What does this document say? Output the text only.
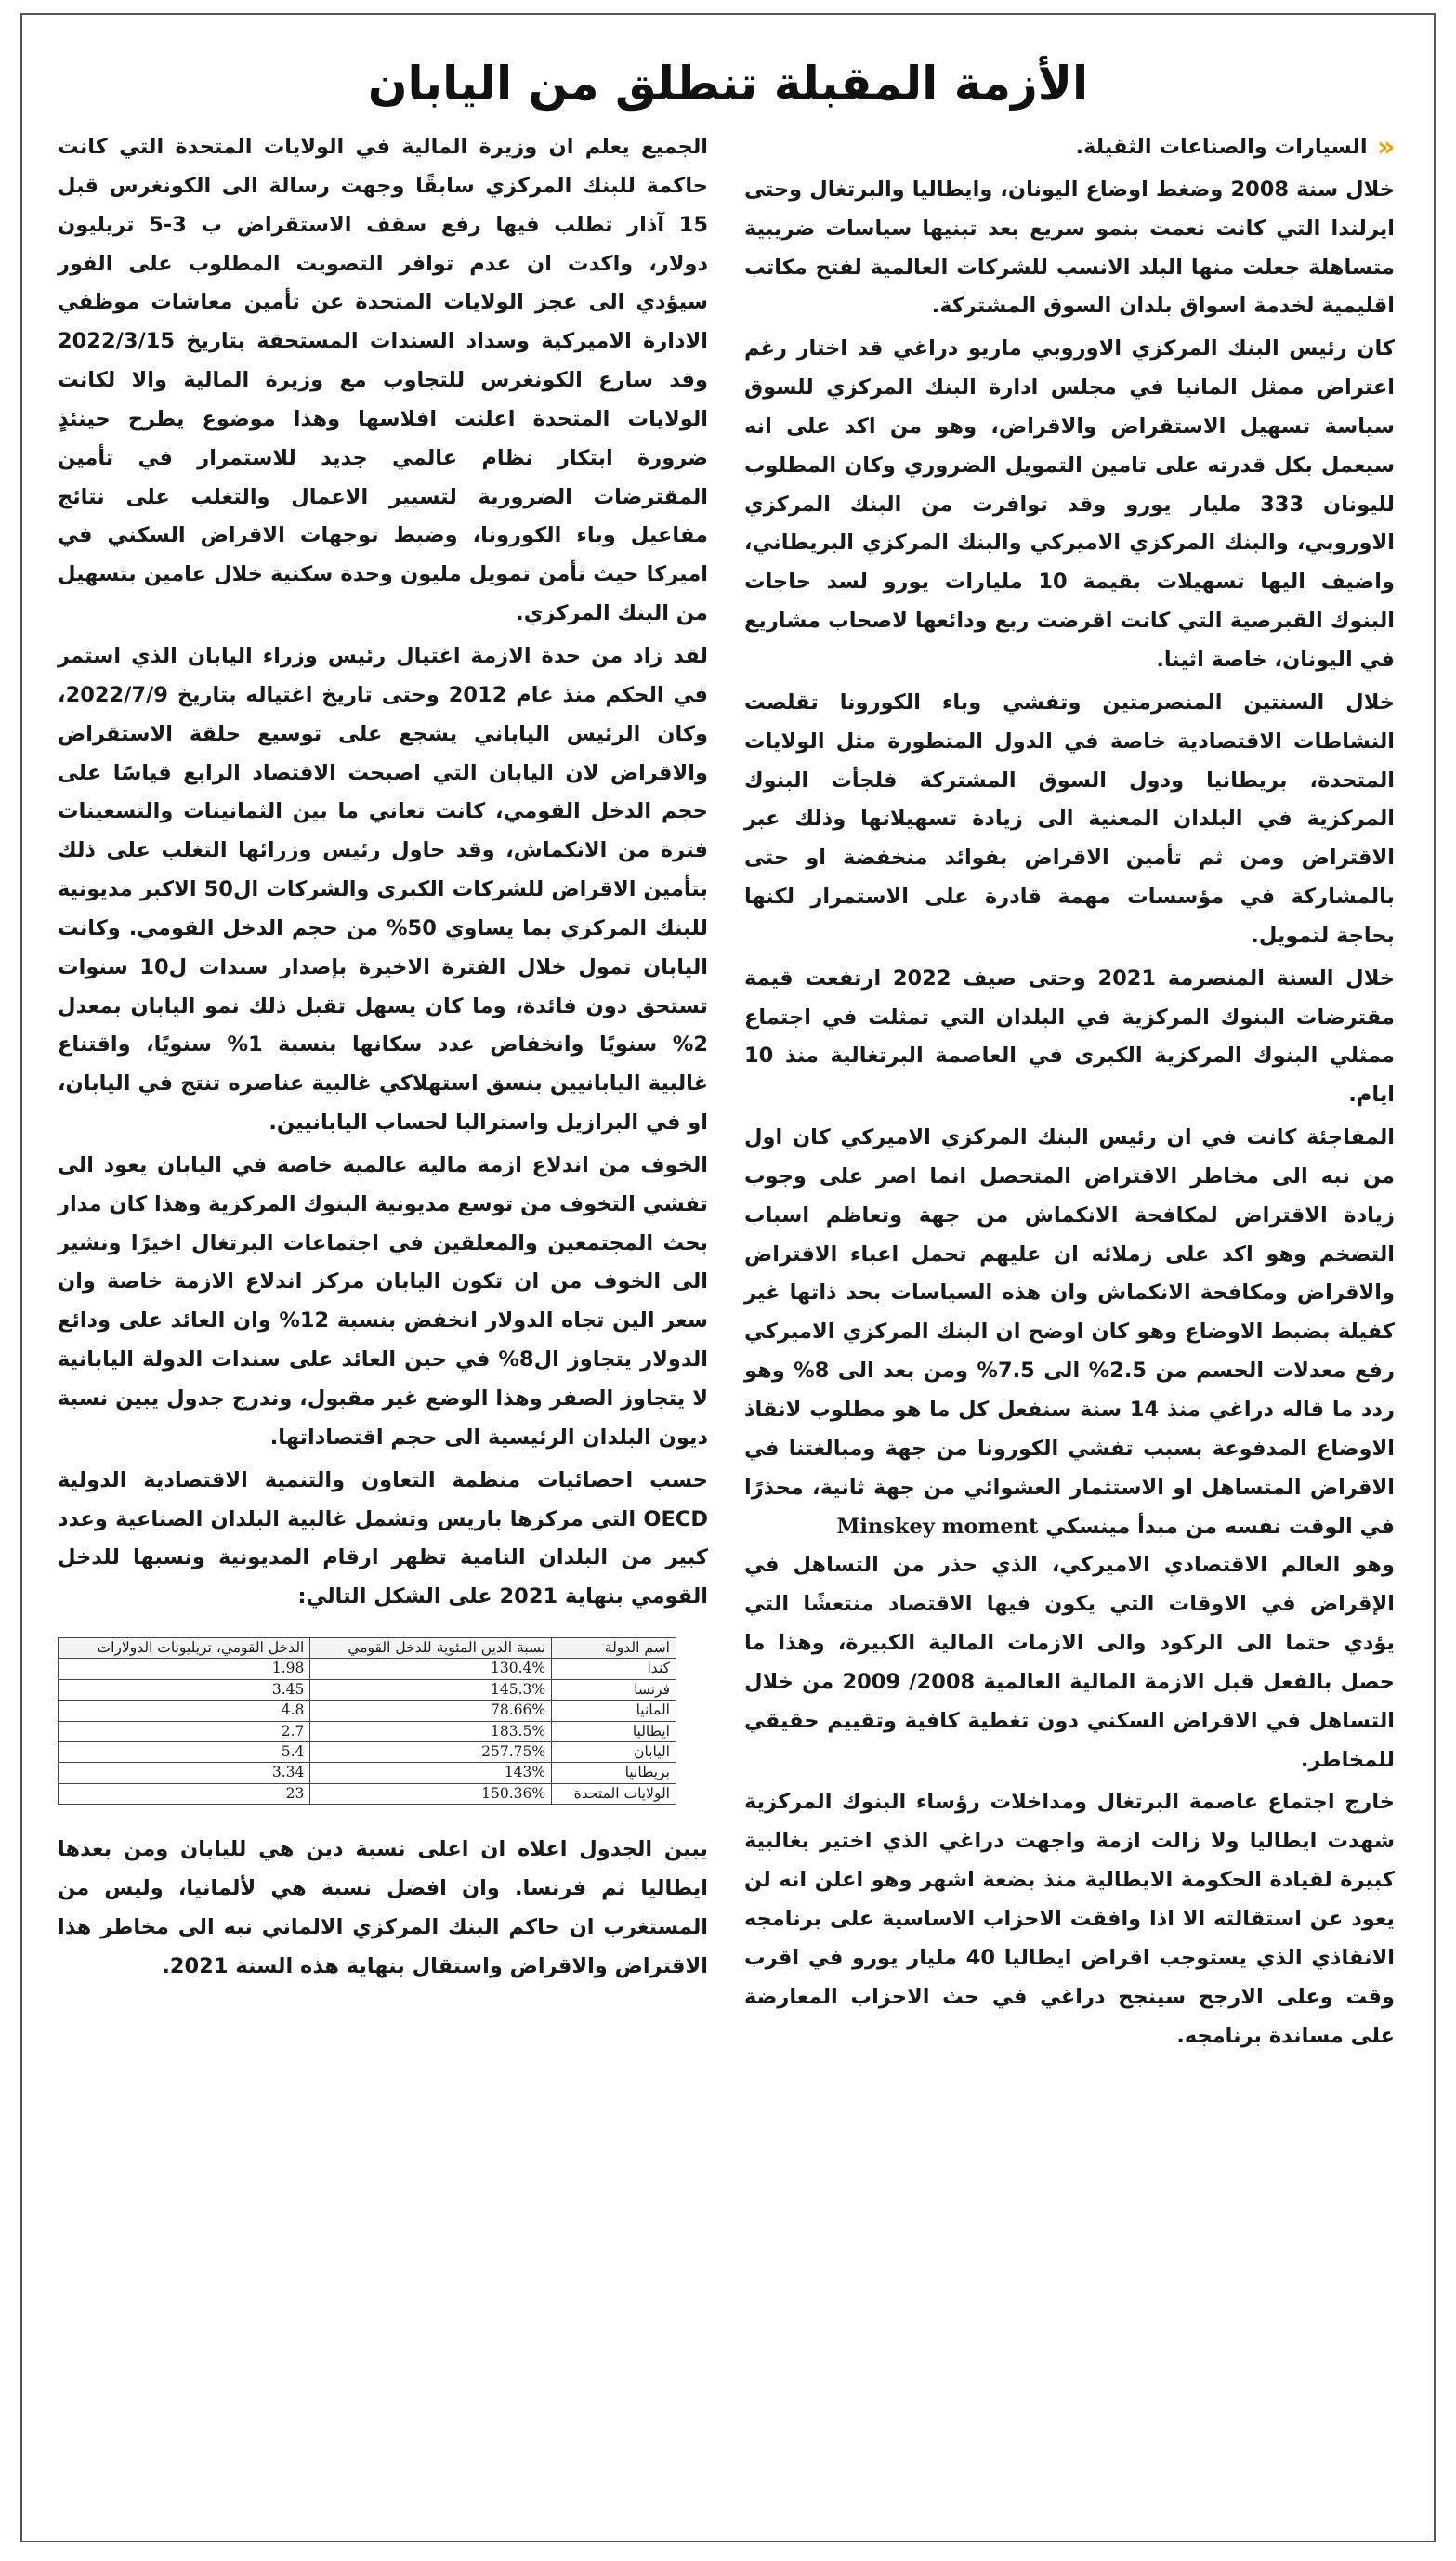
الأزمة المقبلة تنطلق من اليابان

»
السيارات والصناعات الثقيلة.

خلال سنة 2008 وضغط اوضاع اليونان، وايطاليا والبرتغال وحتى ايرلندا التي كانت نعمت بنمو سريع بعد تبنيها سياسات ضريبية متساهلة جعلت منها البلد الانسب للشركات العالمية لفتح مكاتب اقليمية لخدمة اسواق بلدان السوق المشتركة.

كان رئيس البنك المركزي الاوروبي ماريو دراغي قد اختار رغم اعتراض ممثل المانيا في مجلس ادارة البنك المركزي للسوق سياسة تسهيل الاستقراض والاقراض، وهو من اكد على انه سيعمل بكل قدرته على تامين التمويل الضروري وكان المطلوب لليونان 333 مليار يورو وقد توافرت من البنك المركزي الاوروبي، والبنك المركزي الاميركي والبنك المركزي البريطاني، واضيف اليها تسهيلات بقيمة 10 مليارات يورو لسد حاجات البنوك القبرصية التي كانت اقرضت ربع ودائعها لاصحاب مشاريع في اليونان، خاصة اثينا.

خلال السنتين المنصرمتين وتفشي وباء الكورونا تقلصت النشاطات الاقتصادية خاصة في الدول المتطورة مثل الولايات المتحدة، بريطانيا ودول السوق المشتركة فلجأت البنوك المركزية في البلدان المعنية الى زيادة تسهيلاتها وذلك عبر الاقتراض ومن ثم تأمين الاقراض بفوائد منخفضة او حتى بالمشاركة في مؤسسات مهمة قادرة على الاستمرار لكنها بحاجة لتمويل.

خلال السنة المنصرمة 2021 وحتى صيف 2022 ارتفعت قيمة مقترضات البنوك المركزية في البلدان التي تمثلت في اجتماع ممثلي البنوك المركزية الكبرى في العاصمة البرتغالية منذ 10 ايام.

المفاجئة كانت في ان رئيس البنك المركزي الاميركي كان اول من نبه الى مخاطر الاقتراض المتحصل انما اصر على وجوب زيادة الاقتراض لمكافحة الانكماش من جهة وتعاظم اسباب التضخم وهو اكد على زملائه ان عليهم تحمل اعباء الاقتراض والاقراض ومكافحة الانكماش وان هذه السياسات بحد ذاتها غير كفيلة بضبط الاوضاع وهو كان اوضح ان البنك المركزي الاميركي رفع معدلات الحسم من 2.5% الى 7.5% ومن بعد الى 8% وهو ردد ما قاله دراغي منذ 14 سنة سنفعل كل ما هو مطلوب لانقاذ الاوضاع المدفوعة بسبب تفشي الكورونا من جهة ومبالغتنا في الاقراض المتساهل او الاستثمار العشوائي من جهة ثانية، محذرًا في الوقت نفسه من مبدأ مينسكي Minskey moment

وهو العالم الاقتصادي الاميركي، الذي حذر من التساهل في الإقراض في الاوقات التي يكون فيها الاقتصاد منتعشًا التي يؤدي حتما الى الركود والى الازمات المالية الكبيرة، وهذا ما حصل بالفعل قبل الازمة المالية العالمية 2008/ 2009 من خلال التساهل في الاقراض السكني دون تغطية كافية وتقييم حقيقي للمخاطر.

خارج اجتماع عاصمة البرتغال ومداخلات رؤساء البنوك المركزية شهدت ايطاليا ولا زالت ازمة واجهت دراغي الذي اختير بغالبية كبيرة لقيادة الحكومة الايطالية منذ بضعة اشهر وهو اعلن انه لن يعود عن استقالته الا اذا وافقت الاحزاب الاساسية على برنامجه الانقاذي الذي يستوجب اقراض ايطاليا 40 مليار يورو في اقرب وقت وعلى الارجح سينجح دراغي في حث الاحزاب المعارضة على مساندة برنامجه.

الجميع يعلم ان وزيرة المالية في الولايات المتحدة التي كانت حاكمة للبنك المركزي سابقًا وجهت رسالة الى الكونغرس قبل 15 آذار تطلب فيها رفع سقف الاستقراض ب 3-5 تريليون دولار، واكدت ان عدم توافر التصويت المطلوب على الفور سيؤدي الى عجز الولايات المتحدة عن تأمين معاشات موظفي الادارة الاميركية وسداد السندات المستحقة بتاريخ 2022/3/15 وقد سارع الكونغرس للتجاوب مع وزيرة المالية والا لكانت الولايات المتحدة اعلنت افلاسها وهذا موضوع يطرح حينئذٍ ضرورة ابتكار نظام عالمي جديد للاستمرار في تأمين المقترضات الضرورية لتسيير الاعمال والتغلب على نتائج مفاعيل وباء الكورونا، وضبط توجهات الاقراض السكني في اميركا حيث تأمن تمويل مليون وحدة سكنية خلال عامين بتسهيل من البنك المركزي.

لقد زاد من حدة الازمة اغتيال رئيس وزراء اليابان الذي استمر في الحكم منذ عام 2012 وحتى تاريخ اغتياله بتاريخ 2022/7/9، وكان الرئيس الياباني يشجع على توسيع حلقة الاستقراض والاقراض لان اليابان التي اصبحت الاقتصاد الرابع قياسًا على حجم الدخل القومي، كانت تعاني ما بين الثمانينات والتسعينات فترة من الانكماش، وقد حاول رئيس وزرائها التغلب على ذلك بتأمين الاقراض للشركات الكبرى والشركات ال50 الاكبر مديونية للبنك المركزي بما يساوي 50% من حجم الدخل القومي. وكانت اليابان تمول خلال الفترة الاخيرة بإصدار سندات ل10 سنوات تستحق دون فائدة، وما كان يسهل تقبل ذلك نمو اليابان بمعدل 2% سنويًا وانخفاض عدد سكانها بنسبة 1% سنويًا، واقتناع غالبية اليابانيين بنسق استهلاكي غالبية عناصره تنتج في اليابان، او في البرازيل واستراليا لحساب اليابانيين.

الخوف من اندلاع ازمة مالية عالمية خاصة في اليابان يعود الى تفشي التخوف من توسع مديونية البنوك المركزية وهذا كان مدار بحث المجتمعين والمعلقين في اجتماعات البرتغال اخيرًا ونشير الى الخوف من ان تكون اليابان مركز اندلاع الازمة خاصة وان سعر الين تجاه الدولار انخفض بنسبة 12% وان العائد على ودائع الدولار يتجاوز ال8% في حين العائد على سندات الدولة اليابانية لا يتجاوز الصفر وهذا الوضع غير مقبول، وندرج جدول يبين نسبة ديون البلدان الرئيسية الى حجم اقتصاداتها.

حسب احصائيات منظمة التعاون والتنمية الاقتصادية الدولية OECD التي مركزها باريس وتشمل غالبية البلدان الصناعية وعدد كبير من البلدان النامية تظهر ارقام المديونية ونسبها للدخل القومي بنهاية 2021 على الشكل التالي:

اسم الدولة	نسبة الدين المئوية للدخل القومي	الدخل القومي، تريليونات الدولارات
كندا	130.4%	1.98
فرنسا	145.3%	3.45
المانيا	78.66%	4.8
ايطاليا	183.5%	2.7
اليابان	257.75%	5.4
بريطانيا	143%	3.34
الولايات المتحدة	150.36%	23

يبين الجدول اعلاه ان اعلى نسبة دين هي لليابان ومن بعدها ايطاليا ثم فرنسا. وان افضل نسبة هي لألمانيا، وليس من المستغرب ان حاكم البنك المركزي الالماني نبه الى مخاطر هذا الاقتراض والاقراض واستقال بنهاية هذه السنة 2021.
